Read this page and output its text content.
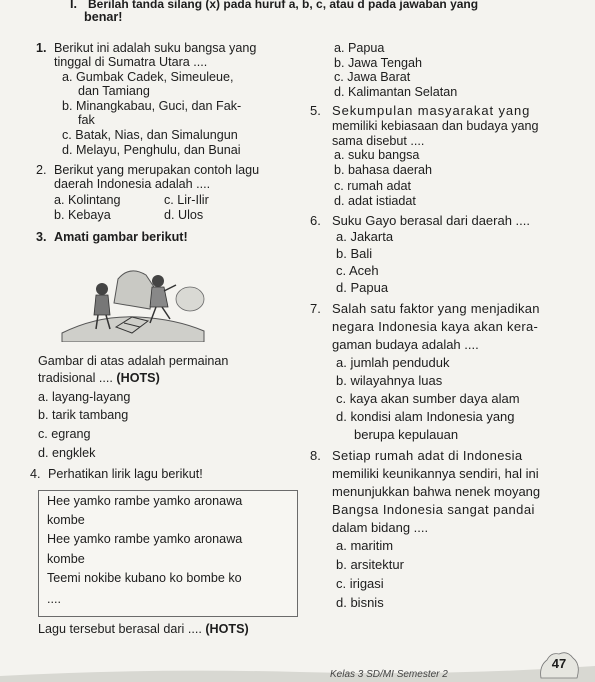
I. Berilah tanda silang (x) pada huruf a, b, c, atau d pada jawaban yang
benar!
1. Berikut ini adalah suku bangsa yang
tinggal di Sumatra Utara ....
a. Gumbak Cadek, Simeuleue,
dan Tamiang
b. Minangkabau, Guci, dan Fak-
fak
c. Batak, Nias, dan Simalungun
d. Melayu, Penghulu, dan Bunai
2. Berikut yang merupakan contoh lagu
daerah Indonesia adalah ....
a. Kolintang	c. Lir-Ilir
b. Kebaya	d. Ulos
3. Amati gambar berikut!
Gambar di atas adalah permainan
tradisional .... (HOTS)
a. layang-layang
b. tarik tambang
c. egrang
d. engklek
4. Perhatikan lirik lagu berikut!
Hee yamko rambe yamko aronawa
kombe
Hee yamko rambe yamko aronawa
kombe
Teemi nokibe kubano ko bombe ko
....
Lagu tersebut berasal dari .... (HOTS)
a. Papua
b. Jawa Tengah
c. Jawa Barat
d. Kalimantan Selatan
5. Sekumpulan masyarakat yang
memiliki kebiasaan dan budaya yang
sama disebut ....
a. suku bangsa
b. bahasa daerah
c. rumah adat
d. adat istiadat
6. Suku Gayo berasal dari daerah ....
a. Jakarta
b. Bali
c. Aceh
d. Papua
7. Salah satu faktor yang menjadikan
negara Indonesia kaya akan kera-
gaman budaya adalah ....
a. jumlah penduduk
b. wilayahnya luas
c. kaya akan sumber daya alam
d. kondisi alam Indonesia yang
berupa kepulauan
8. Setiap rumah adat di Indonesia
memiliki keunikannya sendiri, hal ini
menunjukkan bahwa nenek moyang
Bangsa Indonesia sangat pandai
dalam bidang ....
a. maritim
b. arsitektur
c. irigasi
d. bisnis
Kelas 3 SD/MI Semester 2
47
